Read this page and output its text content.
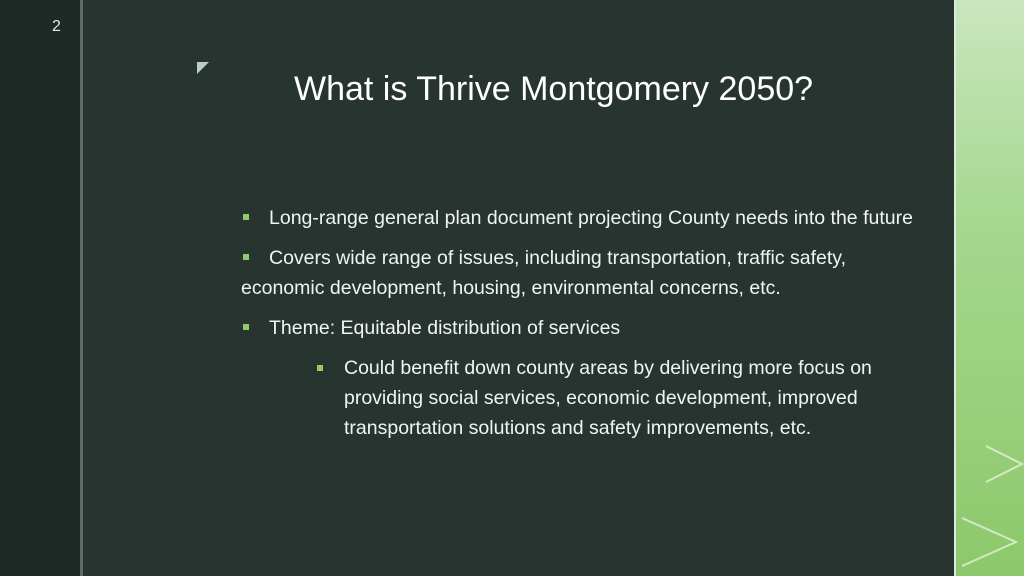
2
What is Thrive Montgomery 2050?
Long-range general plan document projecting County needs into the future
Covers wide range of issues, including transportation, traffic safety, economic development, housing, environmental concerns, etc.
Theme: Equitable distribution of services
Could benefit down county areas by delivering more focus on providing social services, economic development, improved transportation solutions and safety improvements, etc.
